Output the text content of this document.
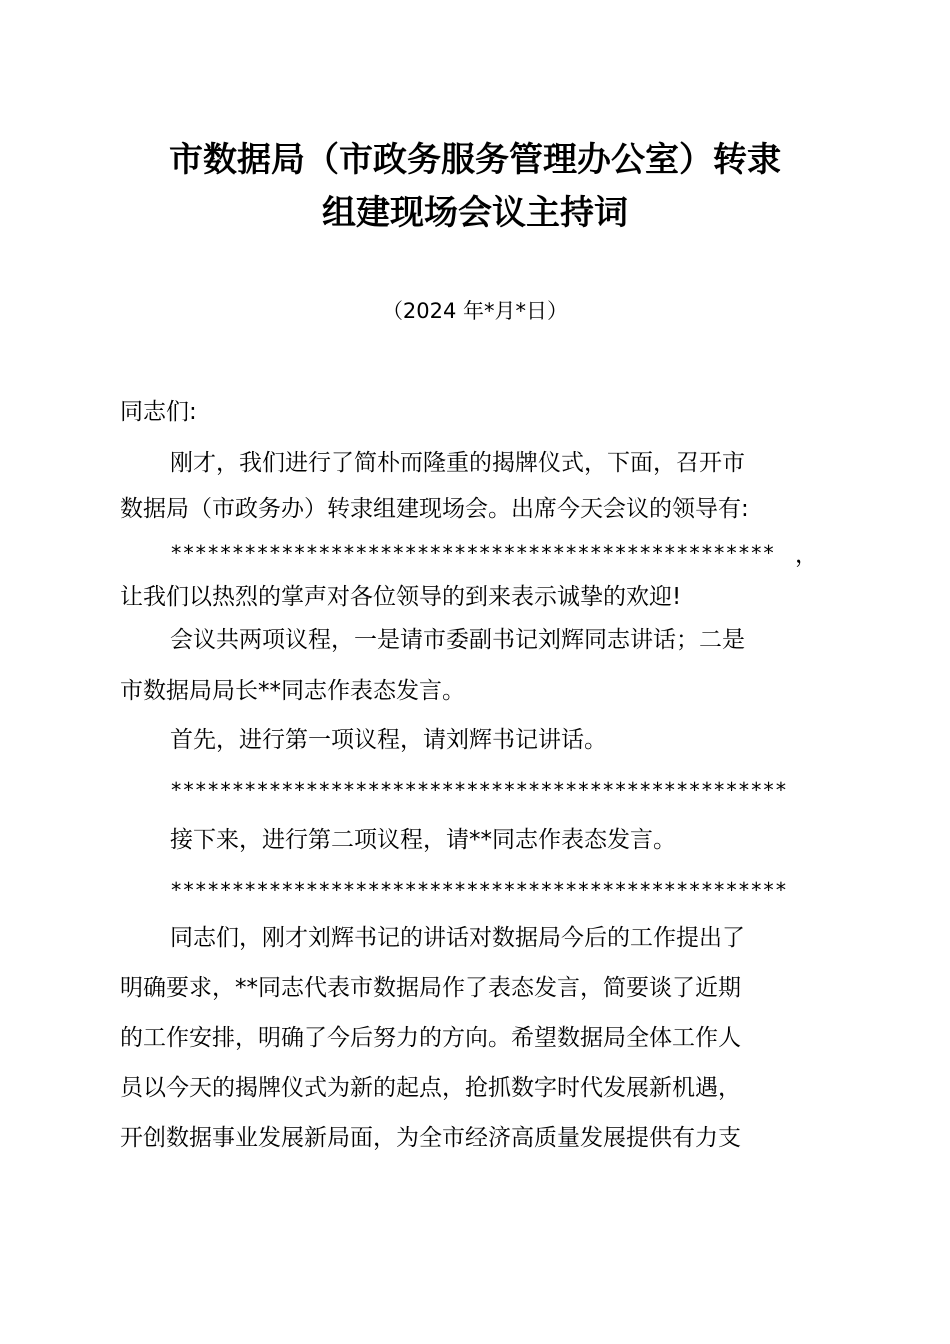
市数据局（市政务服务管理办公室）转隶
组建现场会议主持词
（2024 年*月*日）
同志们:
刚才，我们进行了简朴而隆重的揭牌仪式，下面，召开市
数据局（市政务办）转隶组建现场会。出席今天会议的领导有:
************************************************* ，
让我们以热烈的掌声对各位领导的到来表示诚挚的欢迎!
会议共两项议程，一是请市委副书记刘辉同志讲话；二是
市数据局局长**同志作表态发言。
首先，进行第一项议程，请刘辉书记讲话。
**************************************************
接下来，进行第二项议程，请**同志作表态发言。
**************************************************
同志们，刚才刘辉书记的讲话对数据局今后的工作提出了
明确要求，**同志代表市数据局作了表态发言，简要谈了近期
的工作安排，明确了今后努力的方向。希望数据局全体工作人
员以今天的揭牌仪式为新的起点，抢抓数字时代发展新机遇，
开创数据事业发展新局面，为全市经济高质量发展提供有力支
